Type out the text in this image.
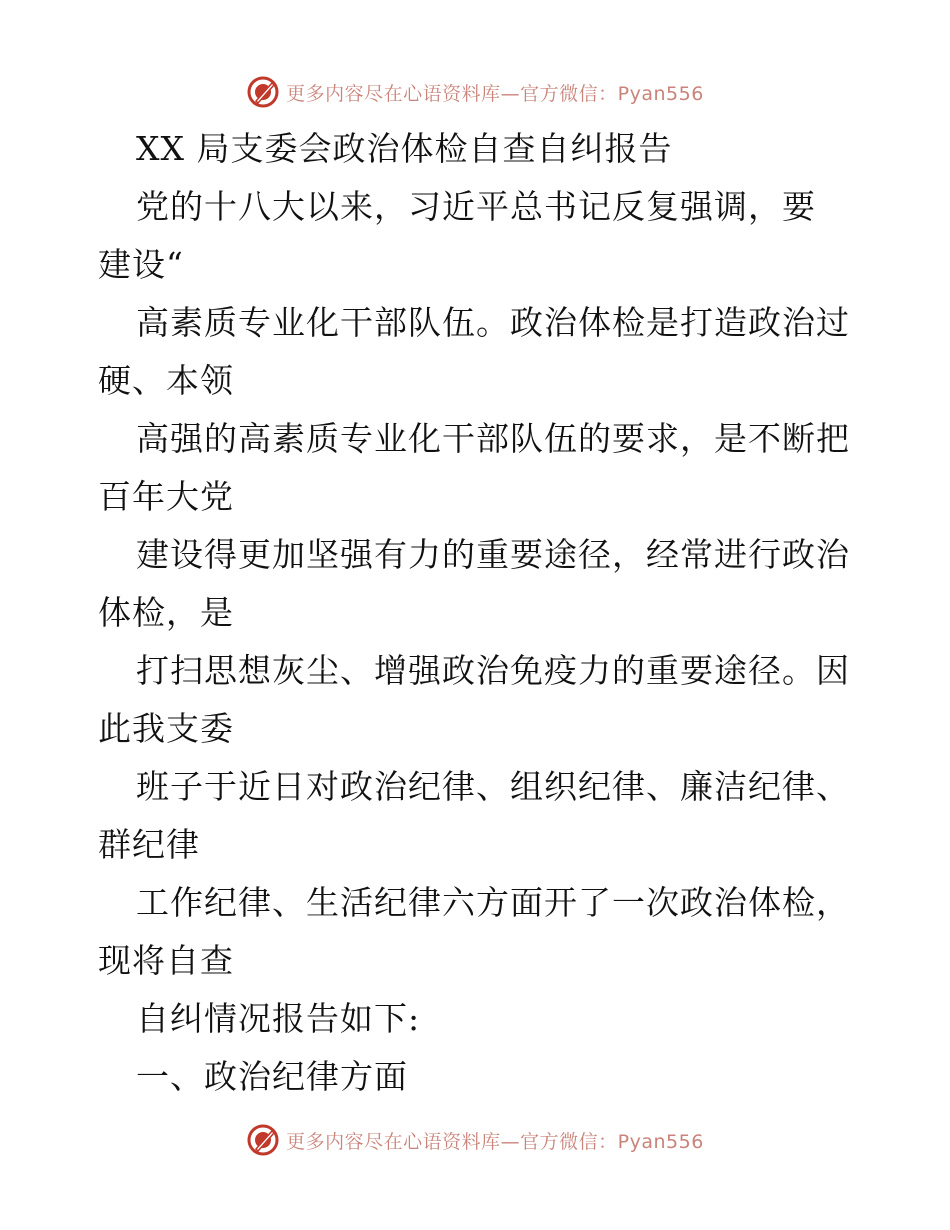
更多内容尽在心语资料库—官方微信：Pyan556
XX 局支委会政治体检自查自纠报告
党的十八大以来，习近平总书记反复强调，要
建设“
高素质专业化干部队伍。政治体检是打造政治过
硬、本领
高强的高素质专业化干部队伍的要求，是不断把
百年大党
建设得更加坚强有力的重要途径，经常进行政治
体检，是
打扫思想灰尘、增强政治免疫力的重要途径。因
此我支委
班子于近日对政治纪律、组织纪律、廉洁纪律、
群纪律
工作纪律、生活纪律六方面开了一次政治体检，
现将自查
自纠情况报告如下:
一、政治纪律方面
更多内容尽在心语资料库—官方微信：Pyan556
